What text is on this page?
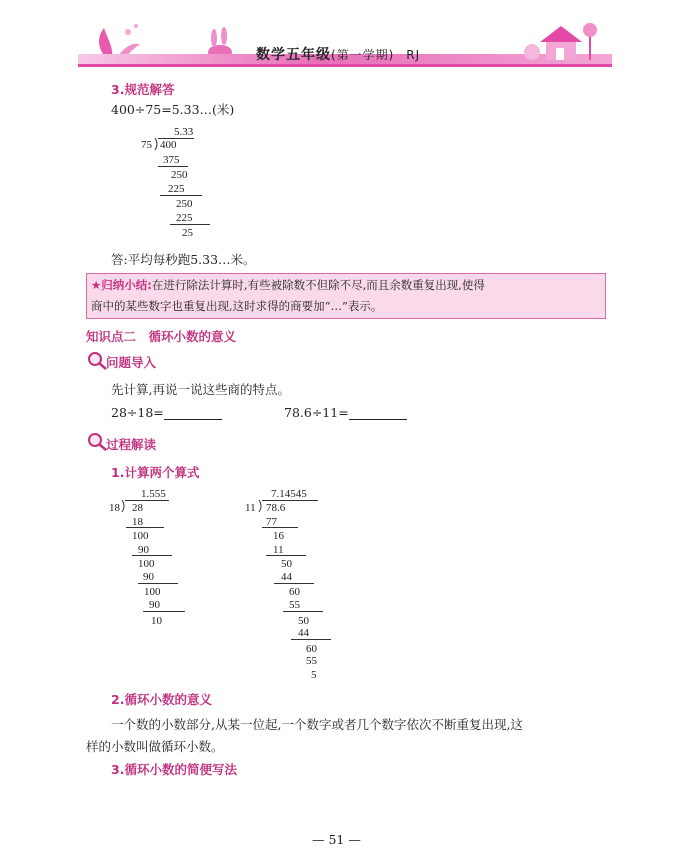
数学五年级(第一学期) RJ
3.规范解答
400÷75=5.33…(米)
5.33
75 400
375
250
225
250
225
25
答:平均每秒跑5.33…米。
★归纳小结:在进行除法计算时,有些被除数不但除不尽,而且余数重复出现,使得
商中的某些数字也重复出现,这时求得的商要加“…”表示。
知识点二　循环小数的意义
问题导入
先计算,再说一说这些商的特点。
28÷18=	78.6÷11=
过程解读
1.计算两个算式
1.555
18 28
18
100
90
100
90
100
90
10
7.14545
11 78.6
77
16
11
50
44
60
55
50
44
60
55
5
2.循环小数的意义
一个数的小数部分,从某一位起,一个数字或者几个数字依次不断重复出现,这
样的小数叫做循环小数。
3.循环小数的简便写法
— 51 —
